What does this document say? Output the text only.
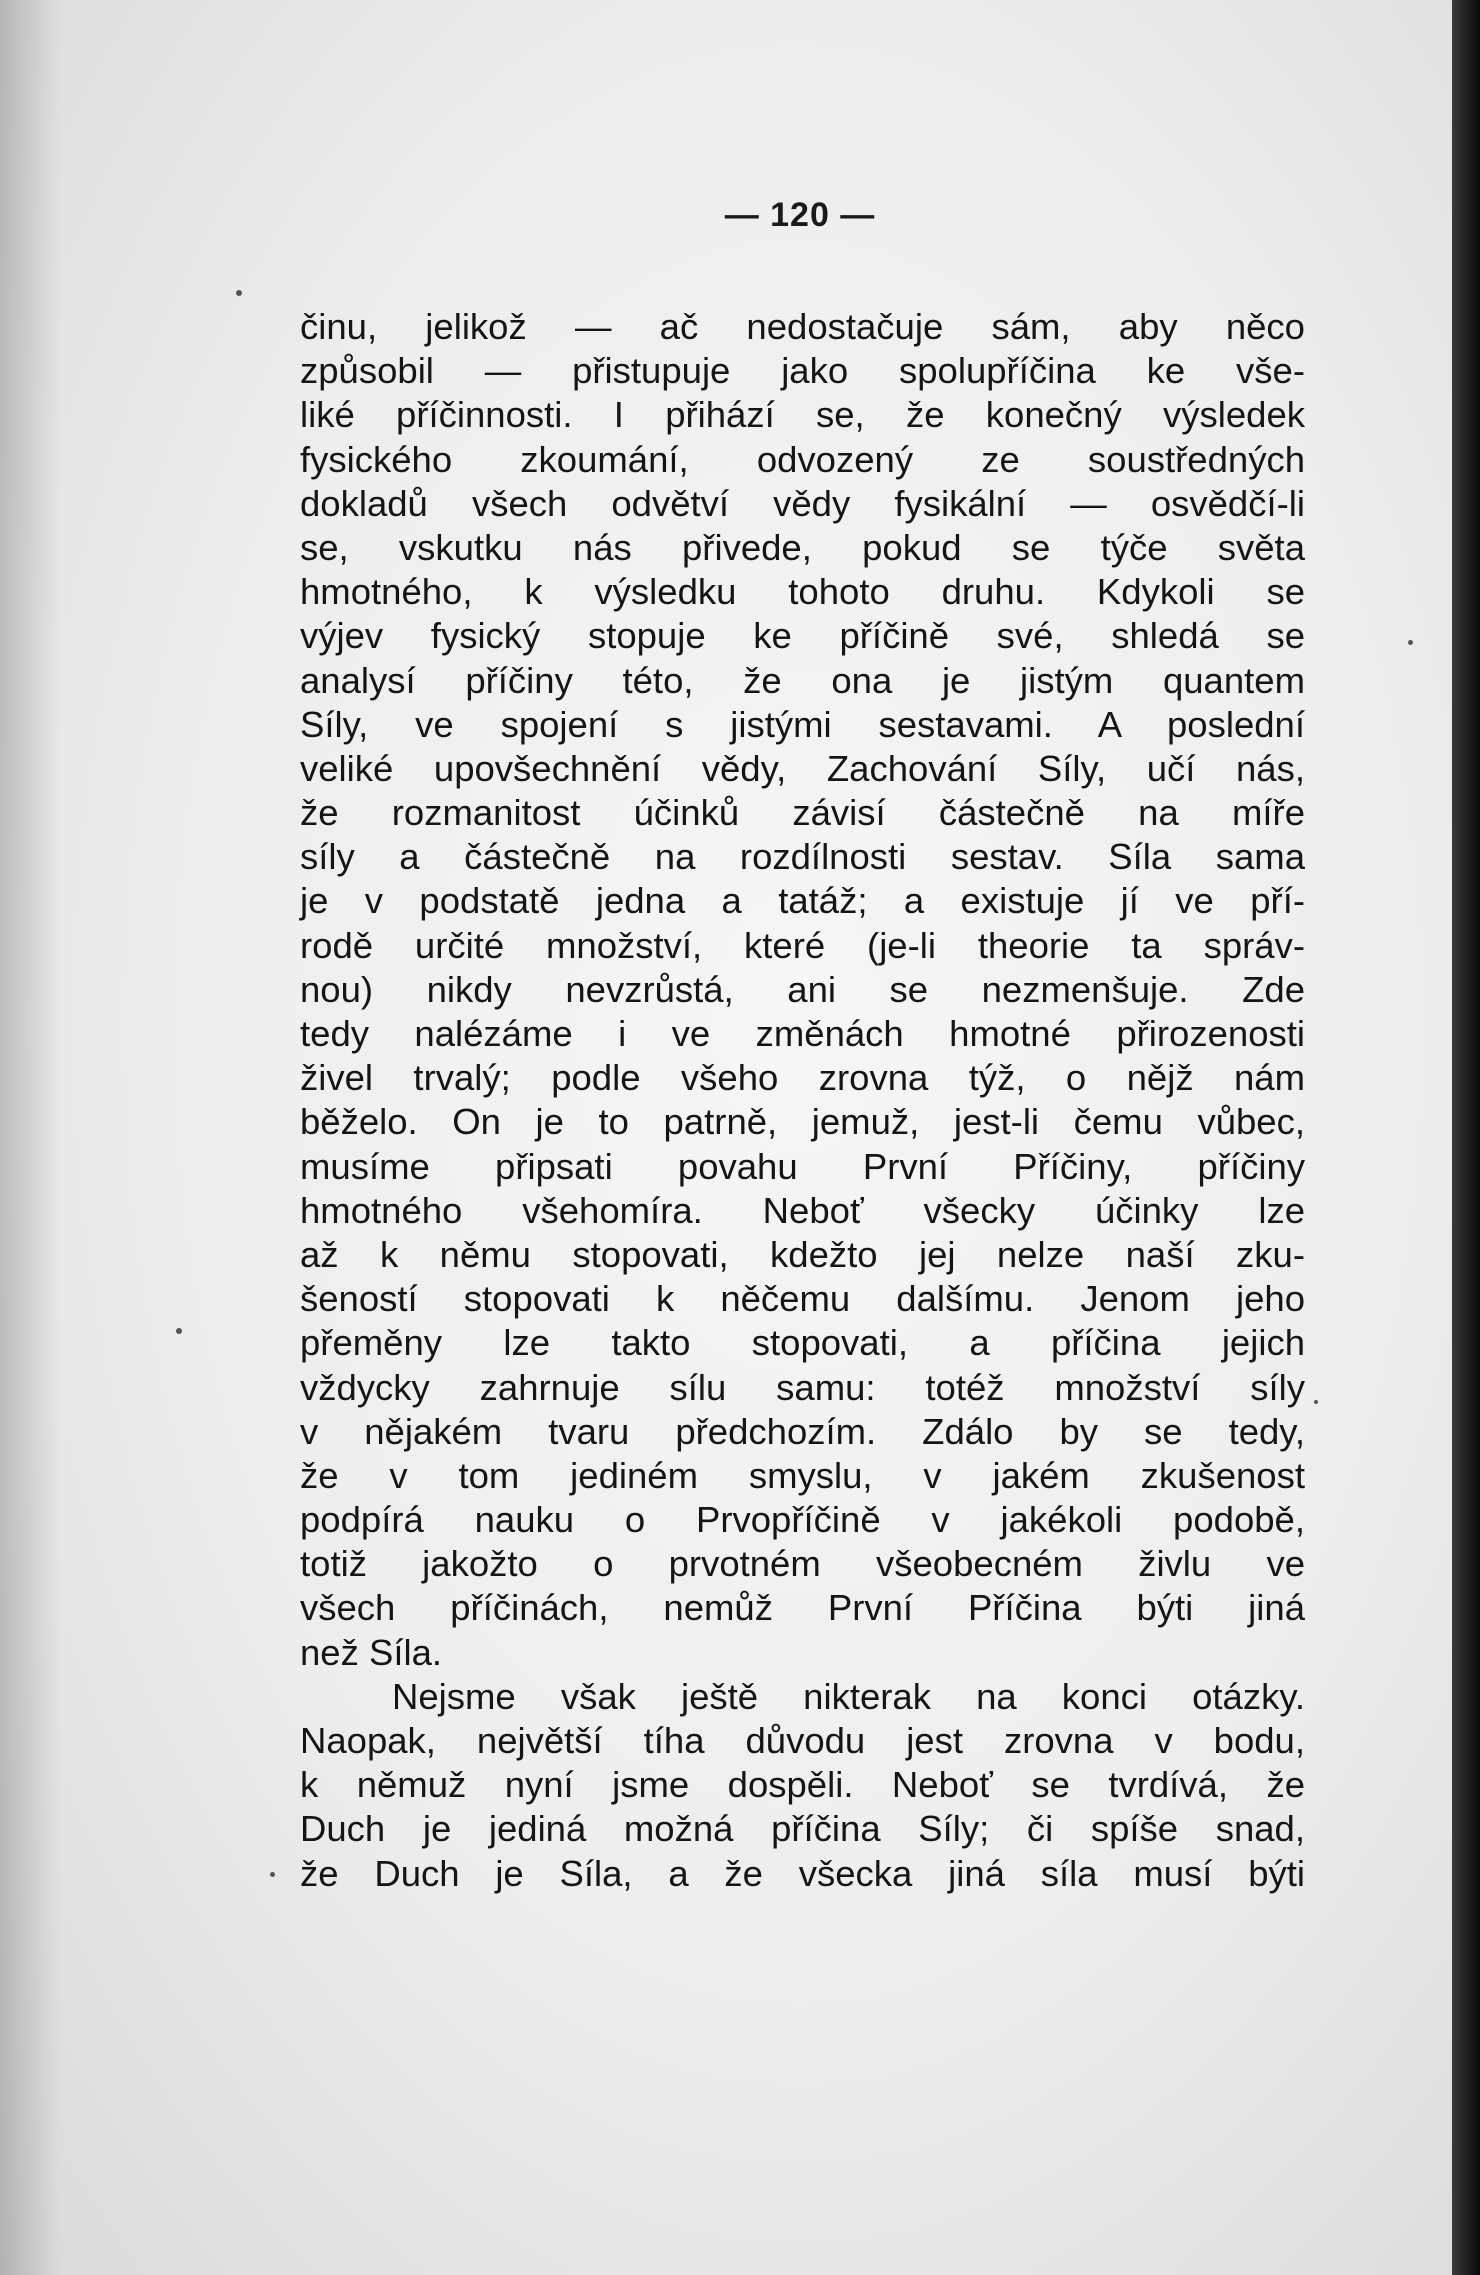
— 120 —
činu, jelikož — ač nedostačuje sám, aby něco
způsobil — přistupuje jako spolupříčina ke vše-
liké příčinnosti. I přihází se, že konečný výsledek
fysického zkoumání, odvozený ze soustředných
dokladů všech odvětví vědy fysikální — osvědčí-li
se, vskutku nás přivede, pokud se týče světa
hmotného, k výsledku tohoto druhu. Kdykoli se
výjev fysický stopuje ke příčině své, shledá se
analysí příčiny této, že ona je jistým quantem
Síly, ve spojení s jistými sestavami. A poslední
veliké upovšechnění vědy, Zachování Síly, učí nás,
že rozmanitost účinků závisí částečně na míře
síly a částečně na rozdílnosti sestav. Síla sama
je v podstatě jedna a tatáž; a existuje jí ve pří-
rodě určité množství, které (je-li theorie ta správ-
nou) nikdy nevzrůstá, ani se nezmenšuje. Zde
tedy nalézáme i ve změnách hmotné přirozenosti
živel trvalý; podle všeho zrovna týž, o nějž nám
běželo. On je to patrně, jemuž, jest-li čemu vůbec,
musíme připsati povahu První Příčiny, příčiny
hmotného všehomíra. Neboť všecky účinky lze
až k němu stopovati, kdežto jej nelze naší zku-
šeností stopovati k něčemu dalšímu. Jenom jeho
přeměny lze takto stopovati, a příčina jejich
vždycky zahrnuje sílu samu: totéž množství síly
v nějakém tvaru předchozím. Zdálo by se tedy,
že v tom jediném smyslu, v jakém zkušenost
podpírá nauku o Prvopříčině v jakékoli podobě,
totiž jakožto o prvotném všeobecném živlu ve
všech příčinách, nemůž První Příčina býti jiná
než Síla.
Nejsme však ještě nikterak na konci otázky.
Naopak, největší tíha důvodu jest zrovna v bodu,
k němuž nyní jsme dospěli. Neboť se tvrdívá, že
Duch je jediná možná příčina Síly; či spíše snad,
že Duch je Síla, a že všecka jiná síla musí býti
